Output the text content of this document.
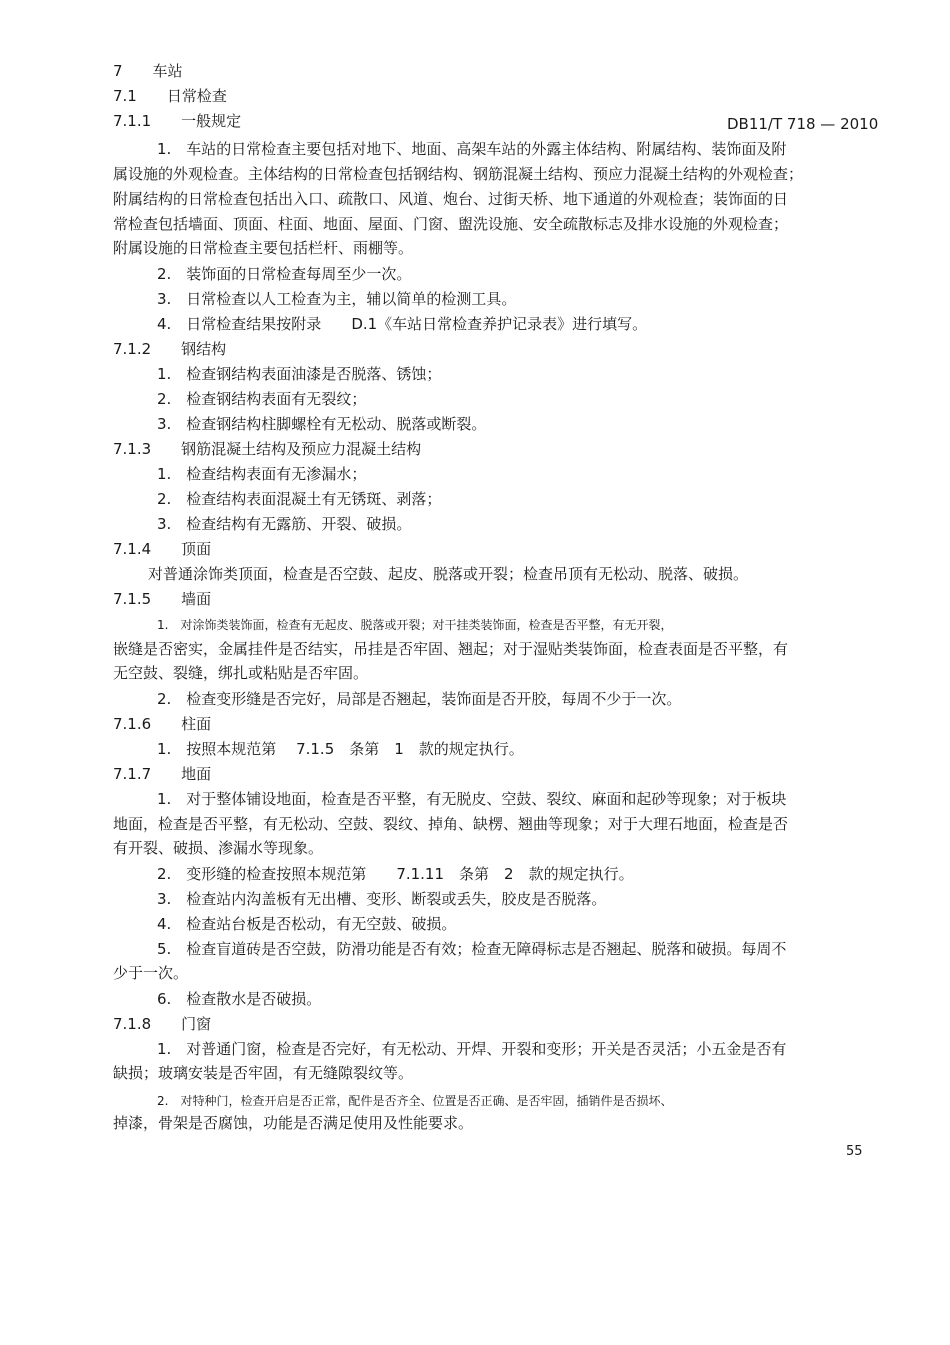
DB11/T 718 — 2010
7　　车站
7.1　　日常检查
7.1.1　　一般规定
1.　车站的日常检查主要包括对地下、地面、高架车站的外露主体结构、附属结构、装饰面及附
属设施的外观检查。主体结构的日常检查包括钢结构、钢筋混凝土结构、预应力混凝土结构的外观检查；
附属结构的日常检查包括出入口、疏散口、风道、炮台、过街天桥、地下通道的外观检查；装饰面的日
常检查包括墙面、顶面、柱面、地面、屋面、门窗、盥洗设施、安全疏散标志及排水设施的外观检查；
附属设施的日常检查主要包括栏杆、雨棚等。
2.　装饰面的日常检查每周至少一次。
3.　日常检查以人工检查为主，辅以简单的检测工具。
4.　日常检查结果按附录　　D.1《车站日常检查养护记录表》进行填写。
7.1.2　　钢结构
1.　检查钢结构表面油漆是否脱落、锈蚀；
2.　检查钢结构表面有无裂纹；
3.　检查钢结构柱脚螺栓有无松动、脱落或断裂。
7.1.3　　钢筋混凝土结构及预应力混凝土结构
1.　检查结构表面有无渗漏水；
2.　检查结构表面混凝土有无锈斑、剥落；
3.　检查结构有无露筋、开裂、破损。
7.1.4　　顶面
对普通涂饰类顶面，检查是否空鼓、起皮、脱落或开裂；检查吊顶有无松动、脱落、破损。
7.1.5　　墙面
1.　对涂饰类装饰面，检查有无起皮、脱落或开裂；对干挂类装饰面，检查是否平整，有无开裂，
嵌缝是否密实，金属挂件是否结实，吊挂是否牢固、翘起；对于湿贴类装饰面，检查表面是否平整，有
无空鼓、裂缝，绑扎或粘贴是否牢固。
2.　检查变形缝是否完好，局部是否翘起，装饰面是否开胶，每周不少于一次。
7.1.6　　柱面
1.　按照本规范第　 7.1.5　条第　1　款的规定执行。
7.1.7　　地面
1.　对于整体铺设地面，检查是否平整，有无脱皮、空鼓、裂纹、麻面和起砂等现象；对于板块
地面，检查是否平整，有无松动、空鼓、裂纹、掉角、缺楞、翘曲等现象；对于大理石地面，检查是否
有开裂、破损、渗漏水等现象。
2.　变形缝的检查按照本规范第　　7.1.11　条第　2　款的规定执行。
3.　检查站内沟盖板有无出槽、变形、断裂或丢失，胶皮是否脱落。
4.　检查站台板是否松动，有无空鼓、破损。
5.　检查盲道砖是否空鼓，防滑功能是否有效；检查无障碍标志是否翘起、脱落和破损。每周不
少于一次。
6.　检查散水是否破损。
7.1.8　　门窗
1.　对普通门窗，检查是否完好，有无松动、开焊、开裂和变形；开关是否灵活；小五金是否有
缺损；玻璃安装是否牢固，有无缝隙裂纹等。
2.　对特种门，检查开启是否正常，配件是否齐全、位置是否正确、是否牢固，插销件是否损坏、
掉漆，骨架是否腐蚀，功能是否满足使用及性能要求。
55
